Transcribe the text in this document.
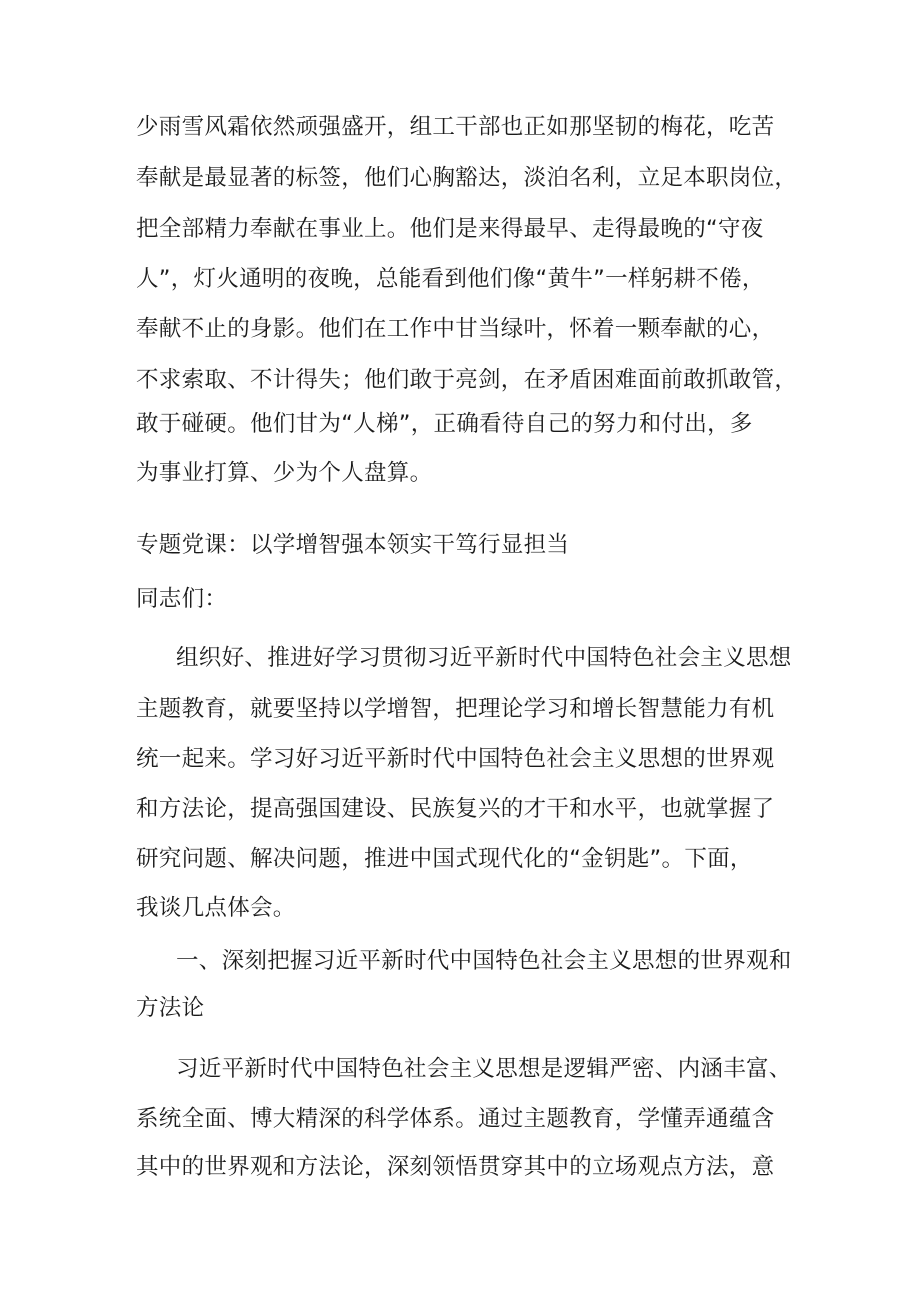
少雨雪风霜依然顽强盛开，组工干部也正如那坚韧的梅花，吃苦
奉献是最显著的标签，他们心胸豁达，淡泊名利，立足本职岗位，
把全部精力奉献在事业上。他们是来得最早、走得最晚的“守夜
人”，灯火通明的夜晚，总能看到他们像“黄牛”一样躬耕不倦，
奉献不止的身影。他们在工作中甘当绿叶，怀着一颗奉献的心，
不求索取、不计得失；他们敢于亮剑，在矛盾困难面前敢抓敢管，
敢于碰硬。他们甘为“人梯”，正确看待自己的努力和付出，多
为事业打算、少为个人盘算。
专题党课：以学增智强本领实干笃行显担当
同志们：
组织好、推进好学习贯彻习近平新时代中国特色社会主义思想
主题教育，就要坚持以学增智，把理论学习和增长智慧能力有机
统一起来。学习好习近平新时代中国特色社会主义思想的世界观
和方法论，提高强国建设、民族复兴的才干和水平，也就掌握了
研究问题、解决问题，推进中国式现代化的“金钥匙”。下面，
我谈几点体会。
一、深刻把握习近平新时代中国特色社会主义思想的世界观和
方法论
习近平新时代中国特色社会主义思想是逻辑严密、内涵丰富、
系统全面、博大精深的科学体系。通过主题教育，学懂弄通蕴含
其中的世界观和方法论，深刻领悟贯穿其中的立场观点方法，意
